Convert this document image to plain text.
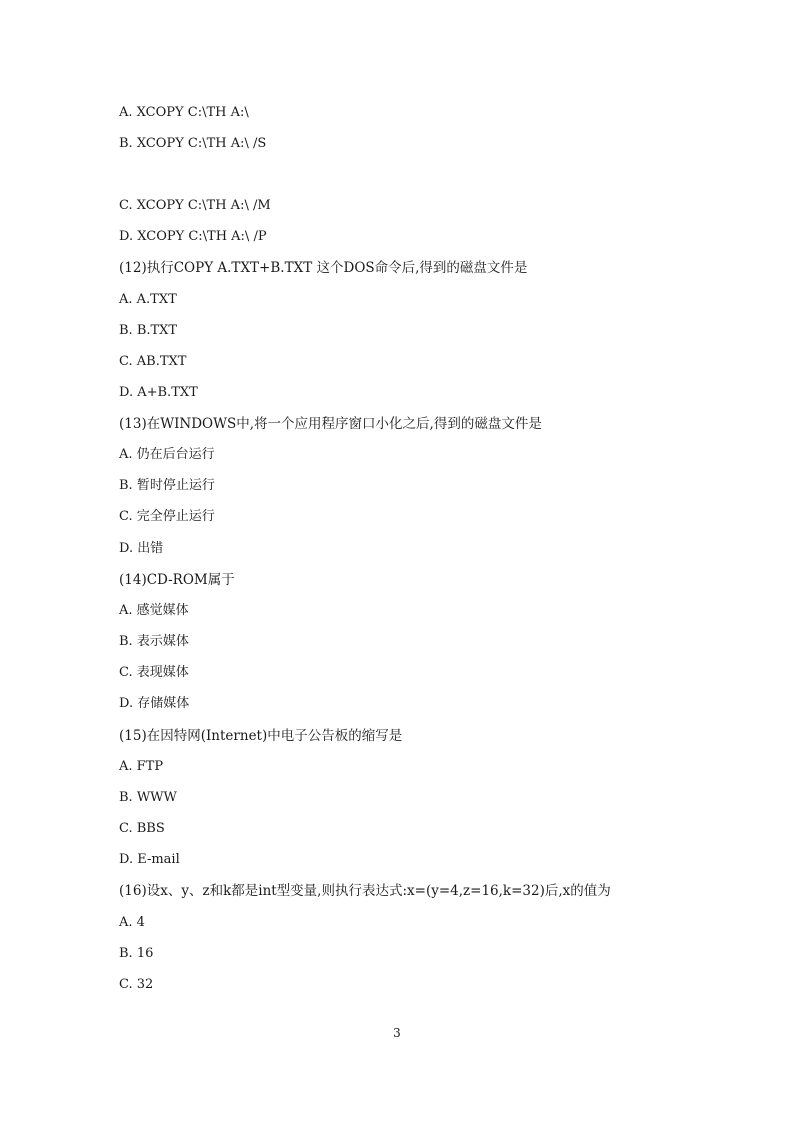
A. XCOPY C:\TH A:\
B. XCOPY C:\TH A:\ /S
C. XCOPY C:\TH A:\ /M
D. XCOPY C:\TH A:\ /P
(12)执行COPY A.TXT+B.TXT 这个DOS命令后,得到的磁盘文件是
A. A.TXT
B. B.TXT
C. AB.TXT
D. A+B.TXT
(13)在WINDOWS中,将一个应用程序窗口小化之后,得到的磁盘文件是
A. 仍在后台运行
B. 暂时停止运行
C. 完全停止运行
D. 出错
(14)CD-ROM属于
A. 感觉媒体
B. 表示媒体
C. 表现媒体
D. 存储媒体
(15)在因特网(Internet)中电子公告板的缩写是
A. FTP
B. WWW
C. BBS
D. E-mail
(16)设x、y、z和k都是int型变量,则执行表达式:x=(y=4,z=16,k=32)后,x的值为
A. 4
B. 16
C. 32
3
